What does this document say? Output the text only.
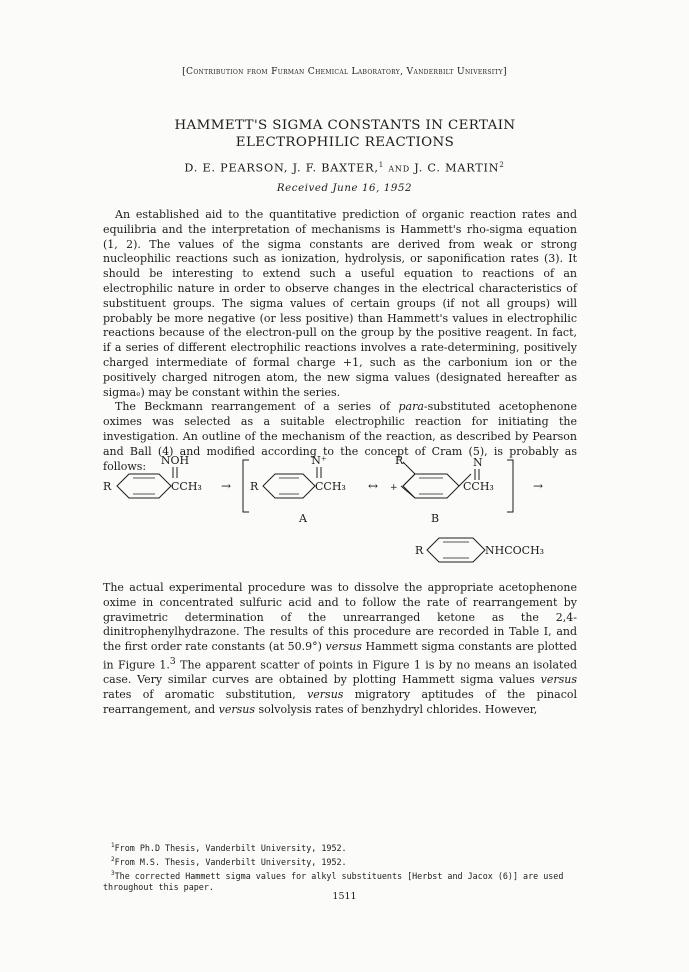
[Contribution from Furman Chemical Laboratory, Vanderbilt University]
HAMMETT'S SIGMA CONSTANTS IN CERTAIN
ELECTROPHILIC REACTIONS
D. E. PEARSON, J. F. BAXTER,$^1$ and J. C. MARTIN$^2$
Received June 16, 1952

An established aid to the quantitative prediction of organic reaction rates and equilibria and the interpretation of mechanisms is Hammett's rho-sigma equation (1, 2). The values of the sigma constants are derived from weak or strong nucleophilic reactions such as ionization, hydrolysis, or saponification rates (3). It should be interesting to extend such a useful equation to reactions of an electrophilic nature in order to observe changes in the electrical characteristics of substituent groups. The sigma values of certain groups (if not all groups) will probably be more negative (or less positive) than Hammett's values in electrophilic reactions because of the electron-pull on the group by the positive reagent. In fact, if a series of different electrophilic reactions involves a rate-determining, positively charged intermediate of formal charge +1, such as the carbonium ion or the positively charged nitrogen atom, the new sigma values (designated hereafter as sigmaₑ) may be constant within the series.

The Beckmann rearrangement of a series of para-substituted acetophenone oximes was selected as a suitable electrophilic reaction for initiating the investigation. An outline of the mechanism of the reaction, as described by Pearson and Ball (4) and modified according to the concept of Cram (5), is probably as follows:	NOH
R	CCH₃ →
N⁺
R	CCH₃
A
↔
R
+
N
CCH₃
B
→
R	NHCOCH₃

The actual experimental procedure was to dissolve the appropriate acetophenone oxime in concentrated sulfuric acid and to follow the rate of rearrangement by gravimetric determination of the unrearranged ketone as the 2,4-dinitrophenylhydrazone. The results of this procedure are recorded in Table I, and the first order rate constants (at 50.9°) versus Hammett sigma constants are plotted in Figure 1.$^3$ The apparent scatter of points in Figure 1 is by no means an isolated case. Very similar curves are obtained by plotting Hammett sigma values versus rates of aromatic substitution, versus migratory aptitudes of the pinacol rearrangement, and versus solvolysis rates of benzhydryl chlorides. However,

$^1$From Ph.D Thesis, Vanderbilt University, 1952.

$^2$From M.S. Thesis, Vanderbilt University, 1952.

$^3$The corrected Hammett sigma values for alkyl substituents [Herbst and Jacox (6)] are used throughout this paper.

1511
